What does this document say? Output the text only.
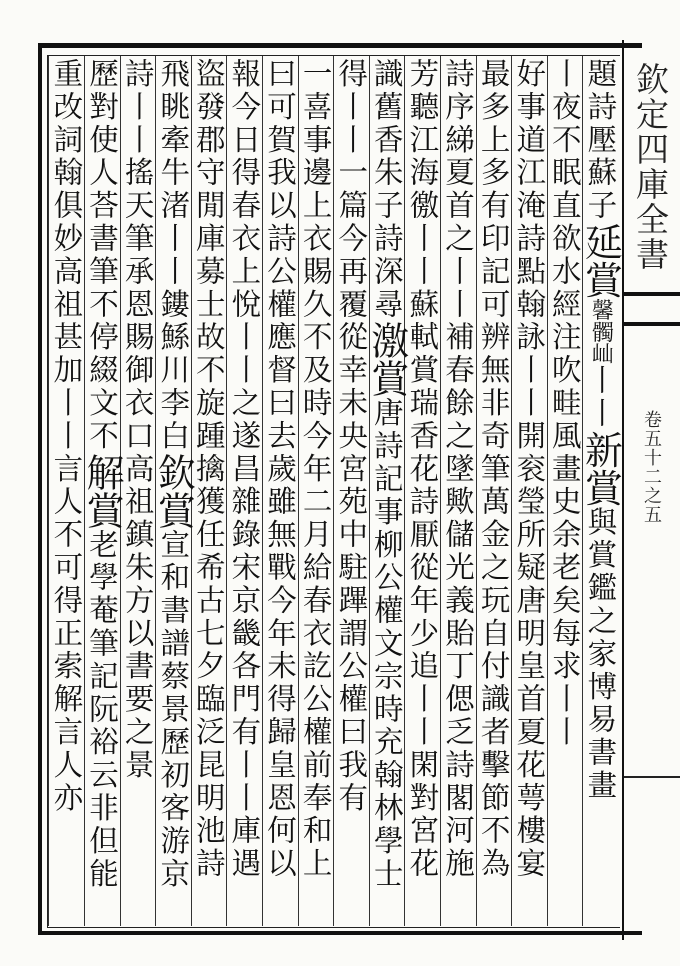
欽定四庫全書
卷五十二之五
題詩壓蘇子延賞馨髑屾丨丨新賞與賞鑑之家博易書畫
丨夜不眠直欲水經注吹畦風畫史余老矣每求丨丨
好事道江淹詩點翰詠丨丨開衮瑩所疑唐明皇首夏花萼樓宴
最多上多有印記可辨無非奇筆萬金之玩自付識者擊節不為
詩序綈夏首之丨丨補春餘之墜歟儲光義貽丁偲乏詩閣河施
芳聽江海徼丨丨蘇軾賞瑞香花詩厭從年少追丨丨閑對宮花
識舊香朱子詩深尋激賞唐詩記事柳公權文宗時充翰林學士
得丨丨一篇今再覆從幸未央宮苑中駐蹕謂公權曰我有
一喜事邊上衣賜久不及時今年二月給春衣訖公權前奉和上
曰可賀我以詩公權應督曰去歲雖無戰今年未得歸皇恩何以
報今日得春衣上悅丨丨之遂昌雜錄宋京畿各門有丨丨庫遇
盜發郡守閒庫募士故不旋踵擒獲任希古七夕臨泛昆明池詩
飛眺牽牛渚丨丨鏤鯀川李白欽賞宣和書譜蔡景歷初客游京
詩丨丨搖天筆承恩賜御衣口高祖鎮朱方以書要之景
歷對使人荅書筆不停綴文不解賞老學菴筆記阮裕云非但能
重改詞翰俱妙高祖甚加丨丨言人不可得正索解言人亦
